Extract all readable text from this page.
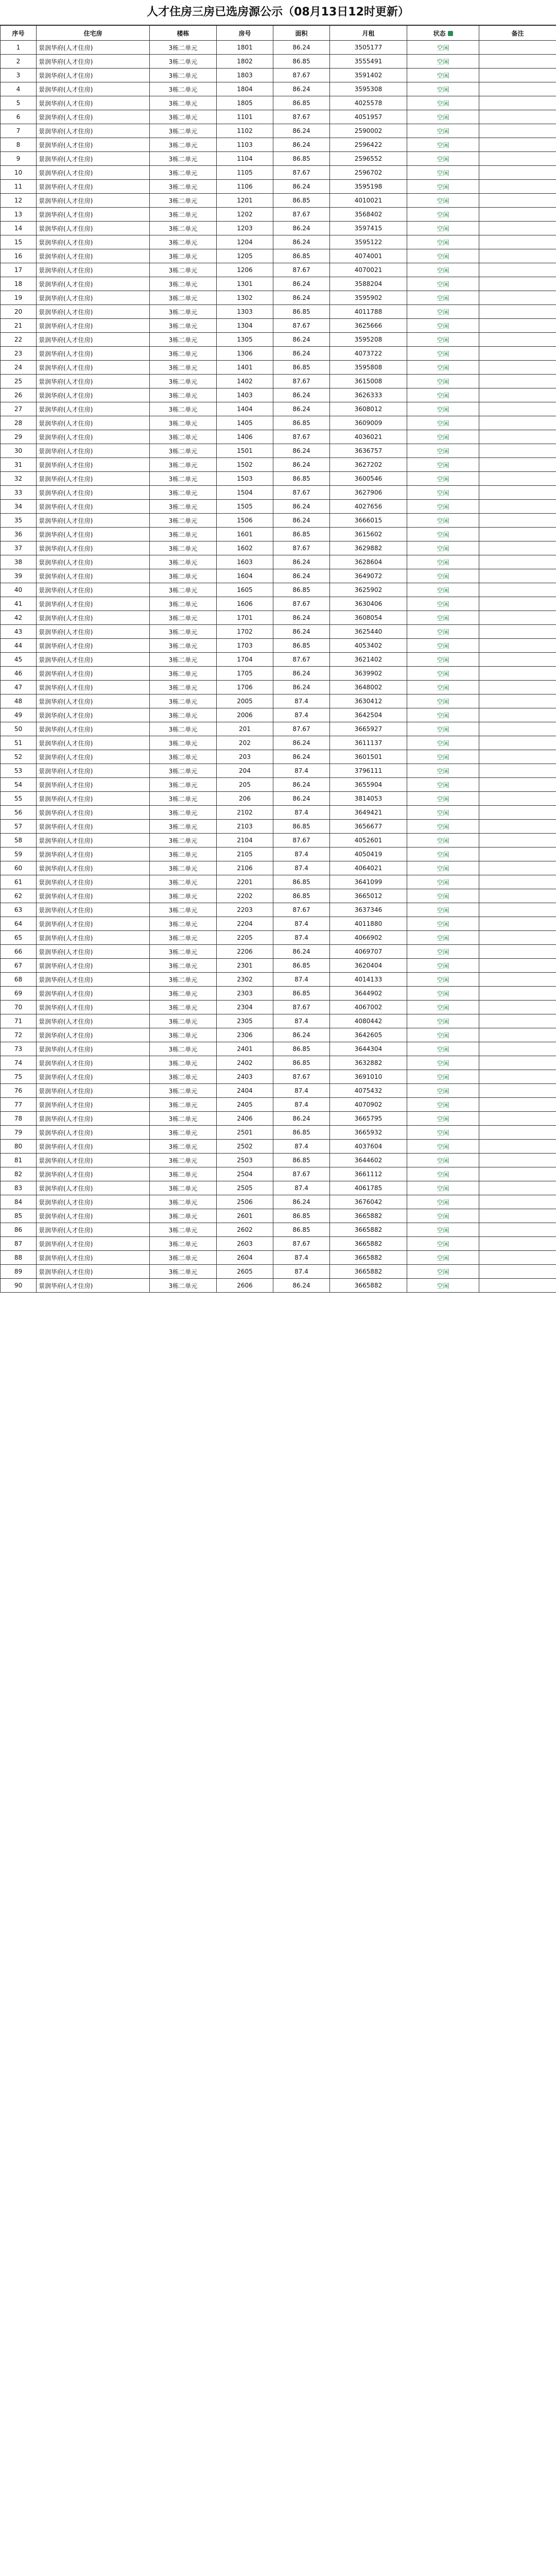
人才住房三房已选房源公示（08月13日12时更新）
序号	住宅房	楼栋	房号	面积	月租	状态	备注
1	景润华府(人才住房)	3栋二单元	1801	86.24	3505177	空闲	
2	景润华府(人才住房)	3栋二单元	1802	86.85	3555491	空闲	
3	景润华府(人才住房)	3栋二单元	1803	87.67	3591402	空闲	
4	景润华府(人才住房)	3栋二单元	1804	86.24	3595308	空闲	
5	景润华府(人才住房)	3栋二单元	1805	86.85	4025578	空闲	
6	景润华府(人才住房)	3栋二单元	1101	87.67	4051957	空闲	
7	景润华府(人才住房)	3栋二单元	1102	86.24	2590002	空闲	
8	景润华府(人才住房)	3栋二单元	1103	86.24	2596422	空闲	
9	景润华府(人才住房)	3栋二单元	1104	86.85	2596552	空闲	
10	景润华府(人才住房)	3栋二单元	1105	87.67	2596702	空闲	
11	景润华府(人才住房)	3栋二单元	1106	86.24	3595198	空闲	
12	景润华府(人才住房)	3栋二单元	1201	86.85	4010021	空闲	
13	景润华府(人才住房)	3栋二单元	1202	87.67	3568402	空闲	
14	景润华府(人才住房)	3栋二单元	1203	86.24	3597415	空闲	
15	景润华府(人才住房)	3栋二单元	1204	86.24	3595122	空闲	
16	景润华府(人才住房)	3栋二单元	1205	86.85	4074001	空闲	
17	景润华府(人才住房)	3栋二单元	1206	87.67	4070021	空闲	
18	景润华府(人才住房)	3栋二单元	1301	86.24	3588204	空闲	
19	景润华府(人才住房)	3栋二单元	1302	86.24	3595902	空闲	
20	景润华府(人才住房)	3栋二单元	1303	86.85	4011788	空闲	
21	景润华府(人才住房)	3栋二单元	1304	87.67	3625666	空闲	
22	景润华府(人才住房)	3栋二单元	1305	86.24	3595208	空闲	
23	景润华府(人才住房)	3栋二单元	1306	86.24	4073722	空闲	
24	景润华府(人才住房)	3栋二单元	1401	86.85	3595808	空闲	
25	景润华府(人才住房)	3栋二单元	1402	87.67	3615008	空闲	
26	景润华府(人才住房)	3栋二单元	1403	86.24	3626333	空闲	
27	景润华府(人才住房)	3栋二单元	1404	86.24	3608012	空闲	
28	景润华府(人才住房)	3栋二单元	1405	86.85	3609009	空闲	
29	景润华府(人才住房)	3栋二单元	1406	87.67	4036021	空闲	
30	景润华府(人才住房)	3栋二单元	1501	86.24	3636757	空闲	
31	景润华府(人才住房)	3栋二单元	1502	86.24	3627202	空闲	
32	景润华府(人才住房)	3栋二单元	1503	86.85	3600546	空闲	
33	景润华府(人才住房)	3栋二单元	1504	87.67	3627906	空闲	
34	景润华府(人才住房)	3栋二单元	1505	86.24	4027656	空闲	
35	景润华府(人才住房)	3栋二单元	1506	86.24	3666015	空闲	
36	景润华府(人才住房)	3栋二单元	1601	86.85	3615602	空闲	
37	景润华府(人才住房)	3栋二单元	1602	87.67	3629882	空闲	
38	景润华府(人才住房)	3栋二单元	1603	86.24	3628604	空闲	
39	景润华府(人才住房)	3栋二单元	1604	86.24	3649072	空闲	
40	景润华府(人才住房)	3栋二单元	1605	86.85	3625902	空闲	
41	景润华府(人才住房)	3栋二单元	1606	87.67	3630406	空闲	
42	景润华府(人才住房)	3栋二单元	1701	86.24	3608054	空闲	
43	景润华府(人才住房)	3栋二单元	1702	86.24	3625440	空闲	
44	景润华府(人才住房)	3栋二单元	1703	86.85	4053402	空闲	
45	景润华府(人才住房)	3栋二单元	1704	87.67	3621402	空闲	
46	景润华府(人才住房)	3栋二单元	1705	86.24	3639902	空闲	
47	景润华府(人才住房)	3栋二单元	1706	86.24	3648002	空闲	
48	景润华府(人才住房)	3栋二单元	2005	87.4	3630412	空闲	
49	景润华府(人才住房)	3栋二单元	2006	87.4	3642504	空闲	
50	景润华府(人才住房)	3栋二单元	201	87.67	3665927	空闲	
51	景润华府(人才住房)	3栋二单元	202	86.24	3611137	空闲	
52	景润华府(人才住房)	3栋二单元	203	86.24	3601501	空闲	
53	景润华府(人才住房)	3栋二单元	204	87.4	3796111	空闲	
54	景润华府(人才住房)	3栋二单元	205	86.24	3655904	空闲	
55	景润华府(人才住房)	3栋二单元	206	86.24	3814053	空闲	
56	景润华府(人才住房)	3栋二单元	2102	87.4	3649421	空闲	
57	景润华府(人才住房)	3栋二单元	2103	86.85	3656677	空闲	
58	景润华府(人才住房)	3栋二单元	2104	87.67	4052601	空闲	
59	景润华府(人才住房)	3栋二单元	2105	87.4	4050419	空闲	
60	景润华府(人才住房)	3栋二单元	2106	87.4	4064021	空闲	
61	景润华府(人才住房)	3栋二单元	2201	86.85	3641099	空闲	
62	景润华府(人才住房)	3栋二单元	2202	86.85	3665012	空闲	
63	景润华府(人才住房)	3栋二单元	2203	87.67	3637346	空闲	
64	景润华府(人才住房)	3栋二单元	2204	87.4	4011880	空闲	
65	景润华府(人才住房)	3栋二单元	2205	87.4	4066902	空闲	
66	景润华府(人才住房)	3栋二单元	2206	86.24	4069707	空闲	
67	景润华府(人才住房)	3栋二单元	2301	86.85	3620404	空闲	
68	景润华府(人才住房)	3栋二单元	2302	87.4	4014133	空闲	
69	景润华府(人才住房)	3栋二单元	2303	86.85	3644902	空闲	
70	景润华府(人才住房)	3栋二单元	2304	87.67	4067002	空闲	
71	景润华府(人才住房)	3栋二单元	2305	87.4	4080442	空闲	
72	景润华府(人才住房)	3栋二单元	2306	86.24	3642605	空闲	
73	景润华府(人才住房)	3栋二单元	2401	86.85	3644304	空闲	
74	景润华府(人才住房)	3栋二单元	2402	86.85	3632882	空闲	
75	景润华府(人才住房)	3栋二单元	2403	87.67	3691010	空闲	
76	景润华府(人才住房)	3栋二单元	2404	87.4	4075432	空闲	
77	景润华府(人才住房)	3栋二单元	2405	87.4	4070902	空闲	
78	景润华府(人才住房)	3栋二单元	2406	86.24	3665795	空闲	
79	景润华府(人才住房)	3栋二单元	2501	86.85	3665932	空闲	
80	景润华府(人才住房)	3栋二单元	2502	87.4	4037604	空闲	
81	景润华府(人才住房)	3栋二单元	2503	86.85	3644602	空闲	
82	景润华府(人才住房)	3栋二单元	2504	87.67	3661112	空闲	
83	景润华府(人才住房)	3栋二单元	2505	87.4	4061785	空闲	
84	景润华府(人才住房)	3栋二单元	2506	86.24	3676042	空闲	
85	景润华府(人才住房)	3栋二单元	2601	86.85	3665882	空闲	
86	景润华府(人才住房)	3栋二单元	2602	86.85	3665882	空闲	
87	景润华府(人才住房)	3栋二单元	2603	87.67	3665882	空闲	
88	景润华府(人才住房)	3栋二单元	2604	87.4	3665882	空闲	
89	景润华府(人才住房)	3栋二单元	2605	87.4	3665882	空闲	
90	景润华府(人才住房)	3栋二单元	2606	86.24	3665882	空闲	
